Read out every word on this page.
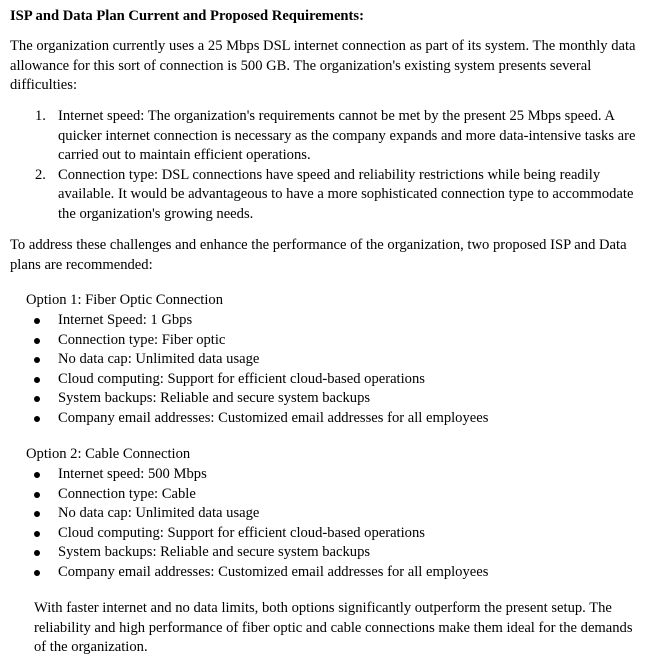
ISP and Data Plan Current and Proposed Requirements:

The organization currently uses a 25 Mbps DSL internet connection as part of its system. The monthly data allowance for this sort of connection is 500 GB. The organization's existing system presents several difficulties:

1. Internet speed: The organization's requirements cannot be met by the present 25 Mbps speed. A quicker internet connection is necessary as the company expands and more data-intensive tasks are carried out to maintain efficient operations.
2. Connection type: DSL connections have speed and reliability restrictions while being readily available. It would be advantageous to have a more sophisticated connection type to accommodate the organization's growing needs.

To address these challenges and enhance the performance of the organization, two proposed ISP and Data plans are recommended:

Option 1: Fiber Optic Connection

Internet Speed: 1 Gbps
Connection type: Fiber optic
No data cap: Unlimited data usage
Cloud computing: Support for efficient cloud-based operations
System backups: Reliable and secure system backups
Company email addresses: Customized email addresses for all employees

Option 2: Cable Connection

Internet speed: 500 Mbps
Connection type: Cable
No data cap: Unlimited data usage
Cloud computing: Support for efficient cloud-based operations
System backups: Reliable and secure system backups
Company email addresses: Customized email addresses for all employees

With faster internet and no data limits, both options significantly outperform the present setup. The reliability and high performance of fiber optic and cable connections make them ideal for the demands of the organization.
